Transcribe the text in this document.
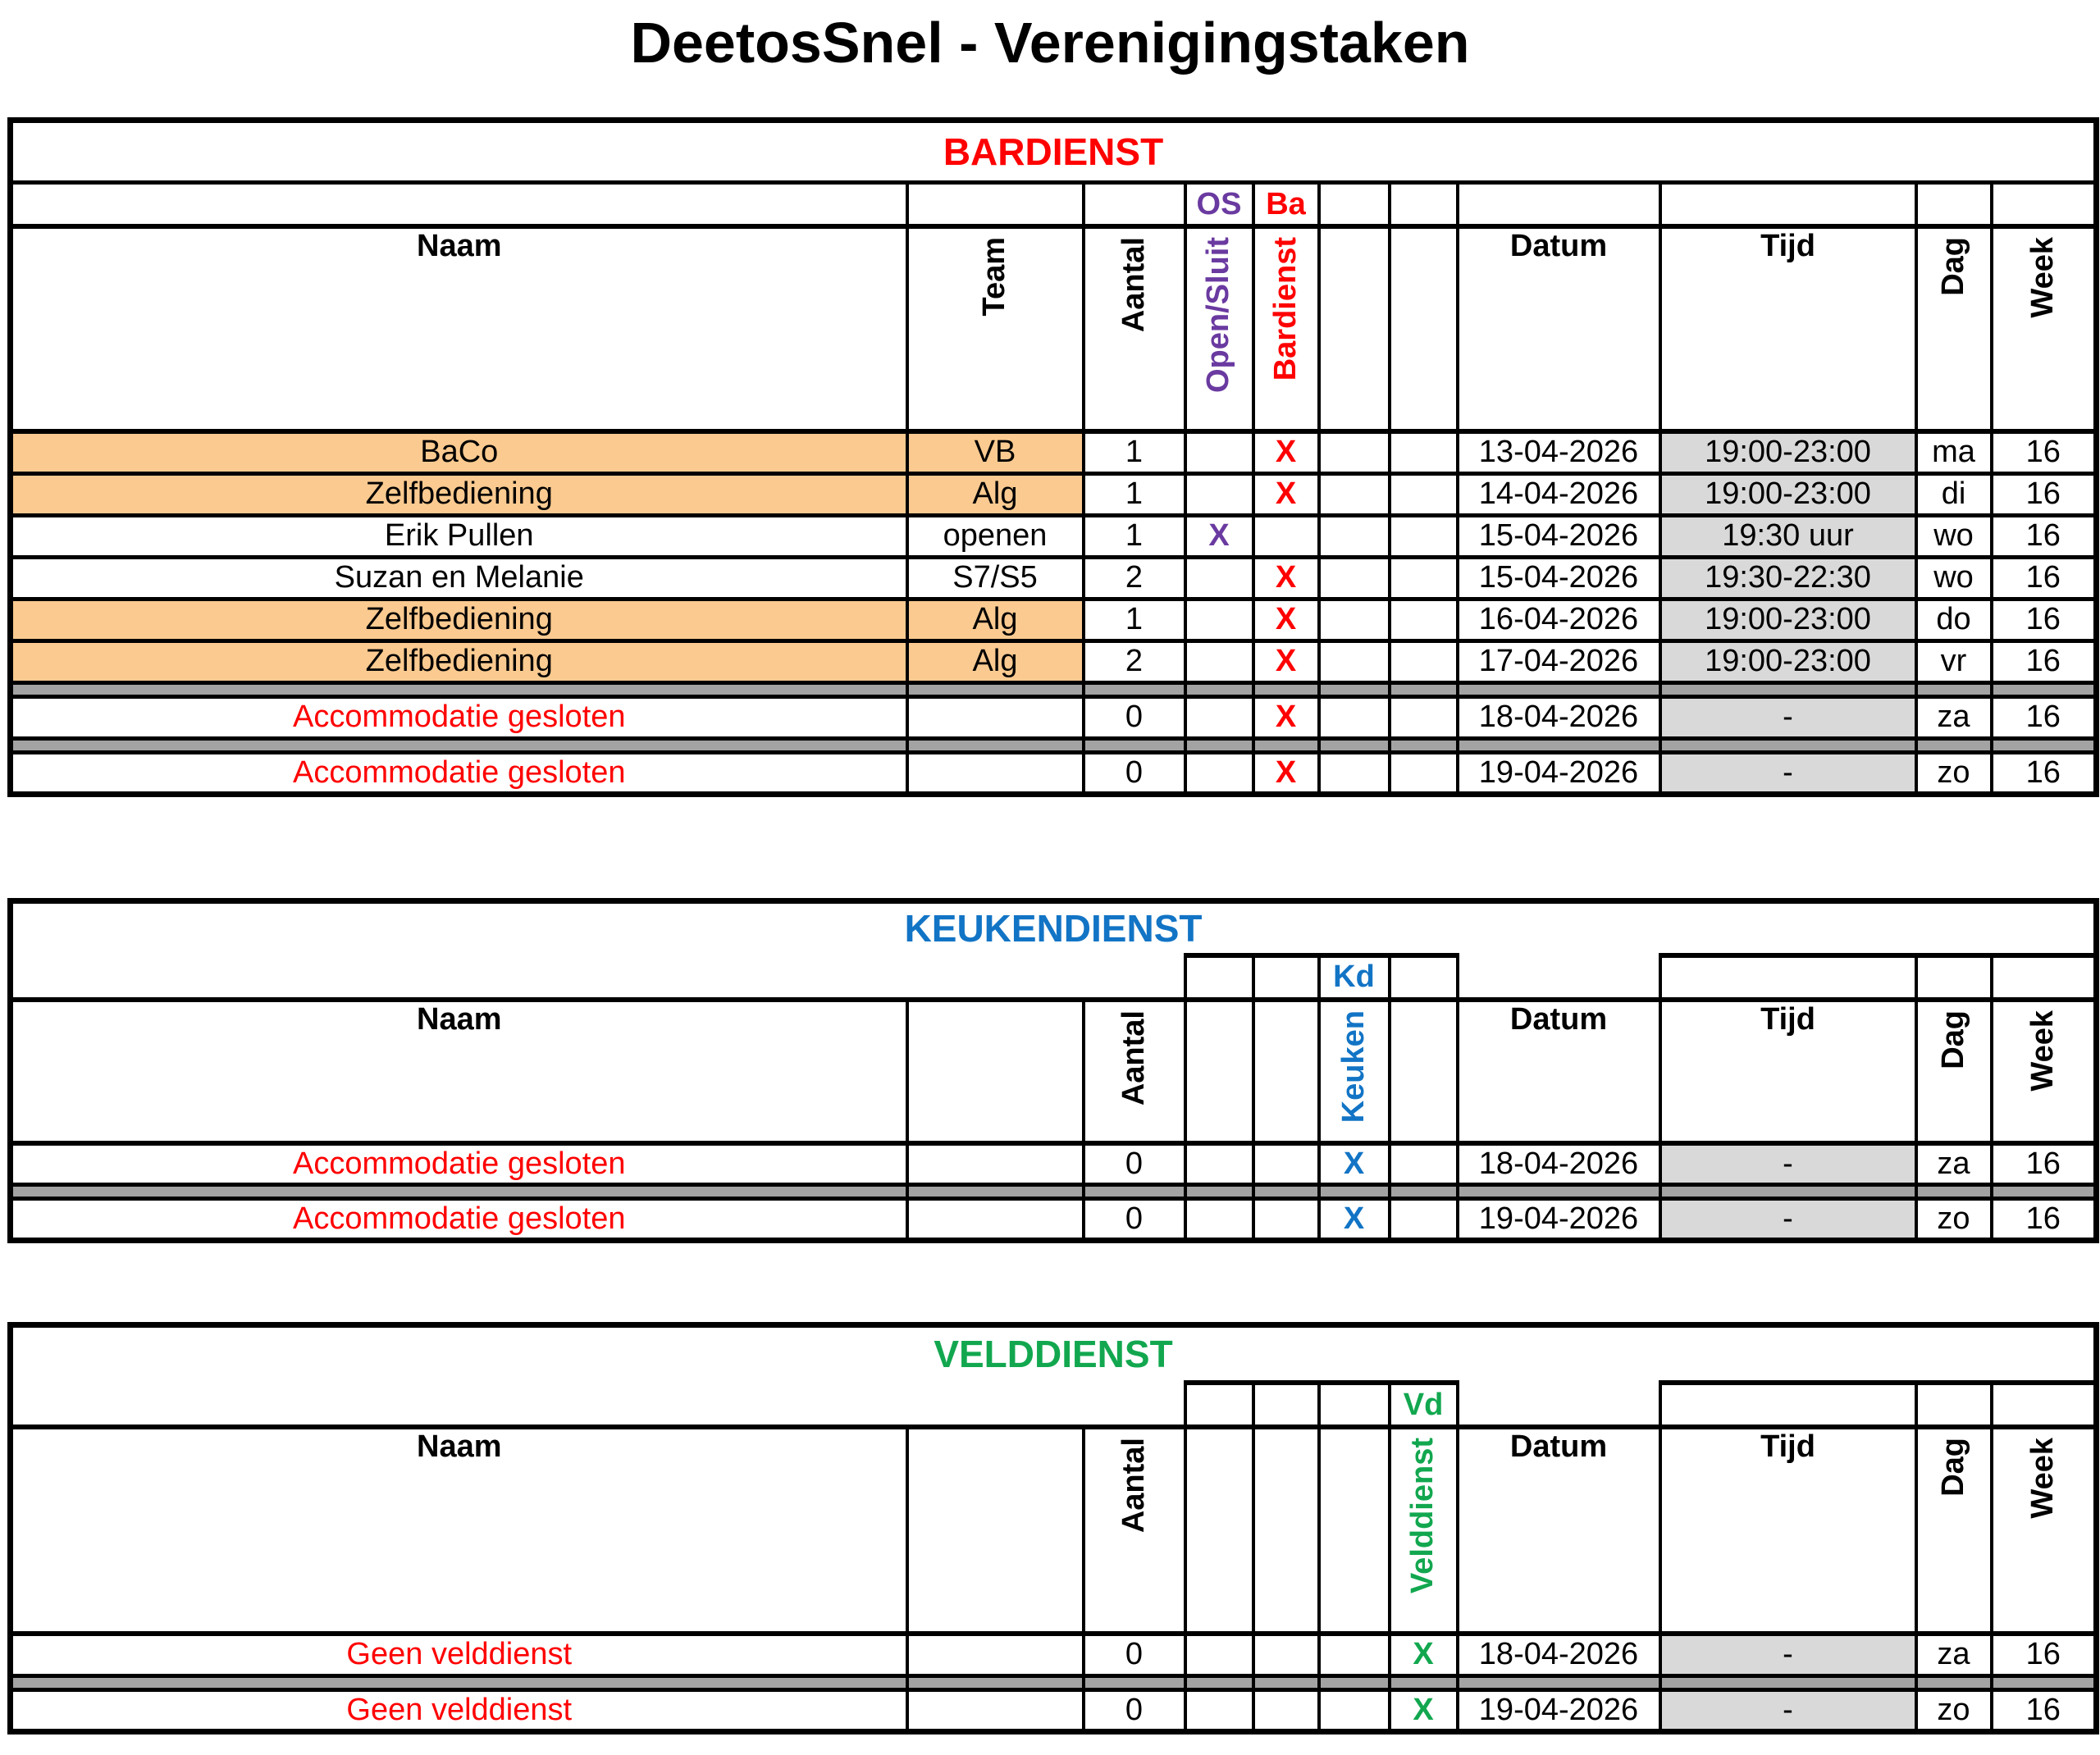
DeetosSnel - Verenigingstaken
BARDIENST										
			OS	Ba						
Naam	Team	Aantal	Open/Sluit	Bardienst			Datum	Tijd	Dag	Week
BaCo	VB	1		X			13-04-2026	19:00-23:00	ma	16
Zelfbediening	Alg	1		X			14-04-2026	19:00-23:00	di	16
Erik Pullen	openen	1	X				15-04-2026	19:30 uur	wo	16
Suzan en Melanie	S7/S5	2		X			15-04-2026	19:30-22:30	wo	16
Zelfbediening	Alg	1		X			16-04-2026	19:00-23:00	do	16
Zelfbediening	Alg	2		X			17-04-2026	19:00-23:00	vr	16

Accommodatie gesloten		0		X			18-04-2026	-	za	16

Accommodatie gesloten		0		X			19-04-2026	-	zo	16
KEUKENDIENST										
					Kd					
Naam		Aantal			Keuken		Datum	Tijd	Dag	Week
Accommodatie gesloten		0			X		18-04-2026	-	za	16

Accommodatie gesloten		0			X		19-04-2026	-	zo	16
VELDDIENST										
						Vd				
Naam		Aantal				Velddienst	Datum	Tijd	Dag	Week
Geen velddienst		0				X	18-04-2026	-	za	16

Geen velddienst		0				X	19-04-2026	-	zo	16
